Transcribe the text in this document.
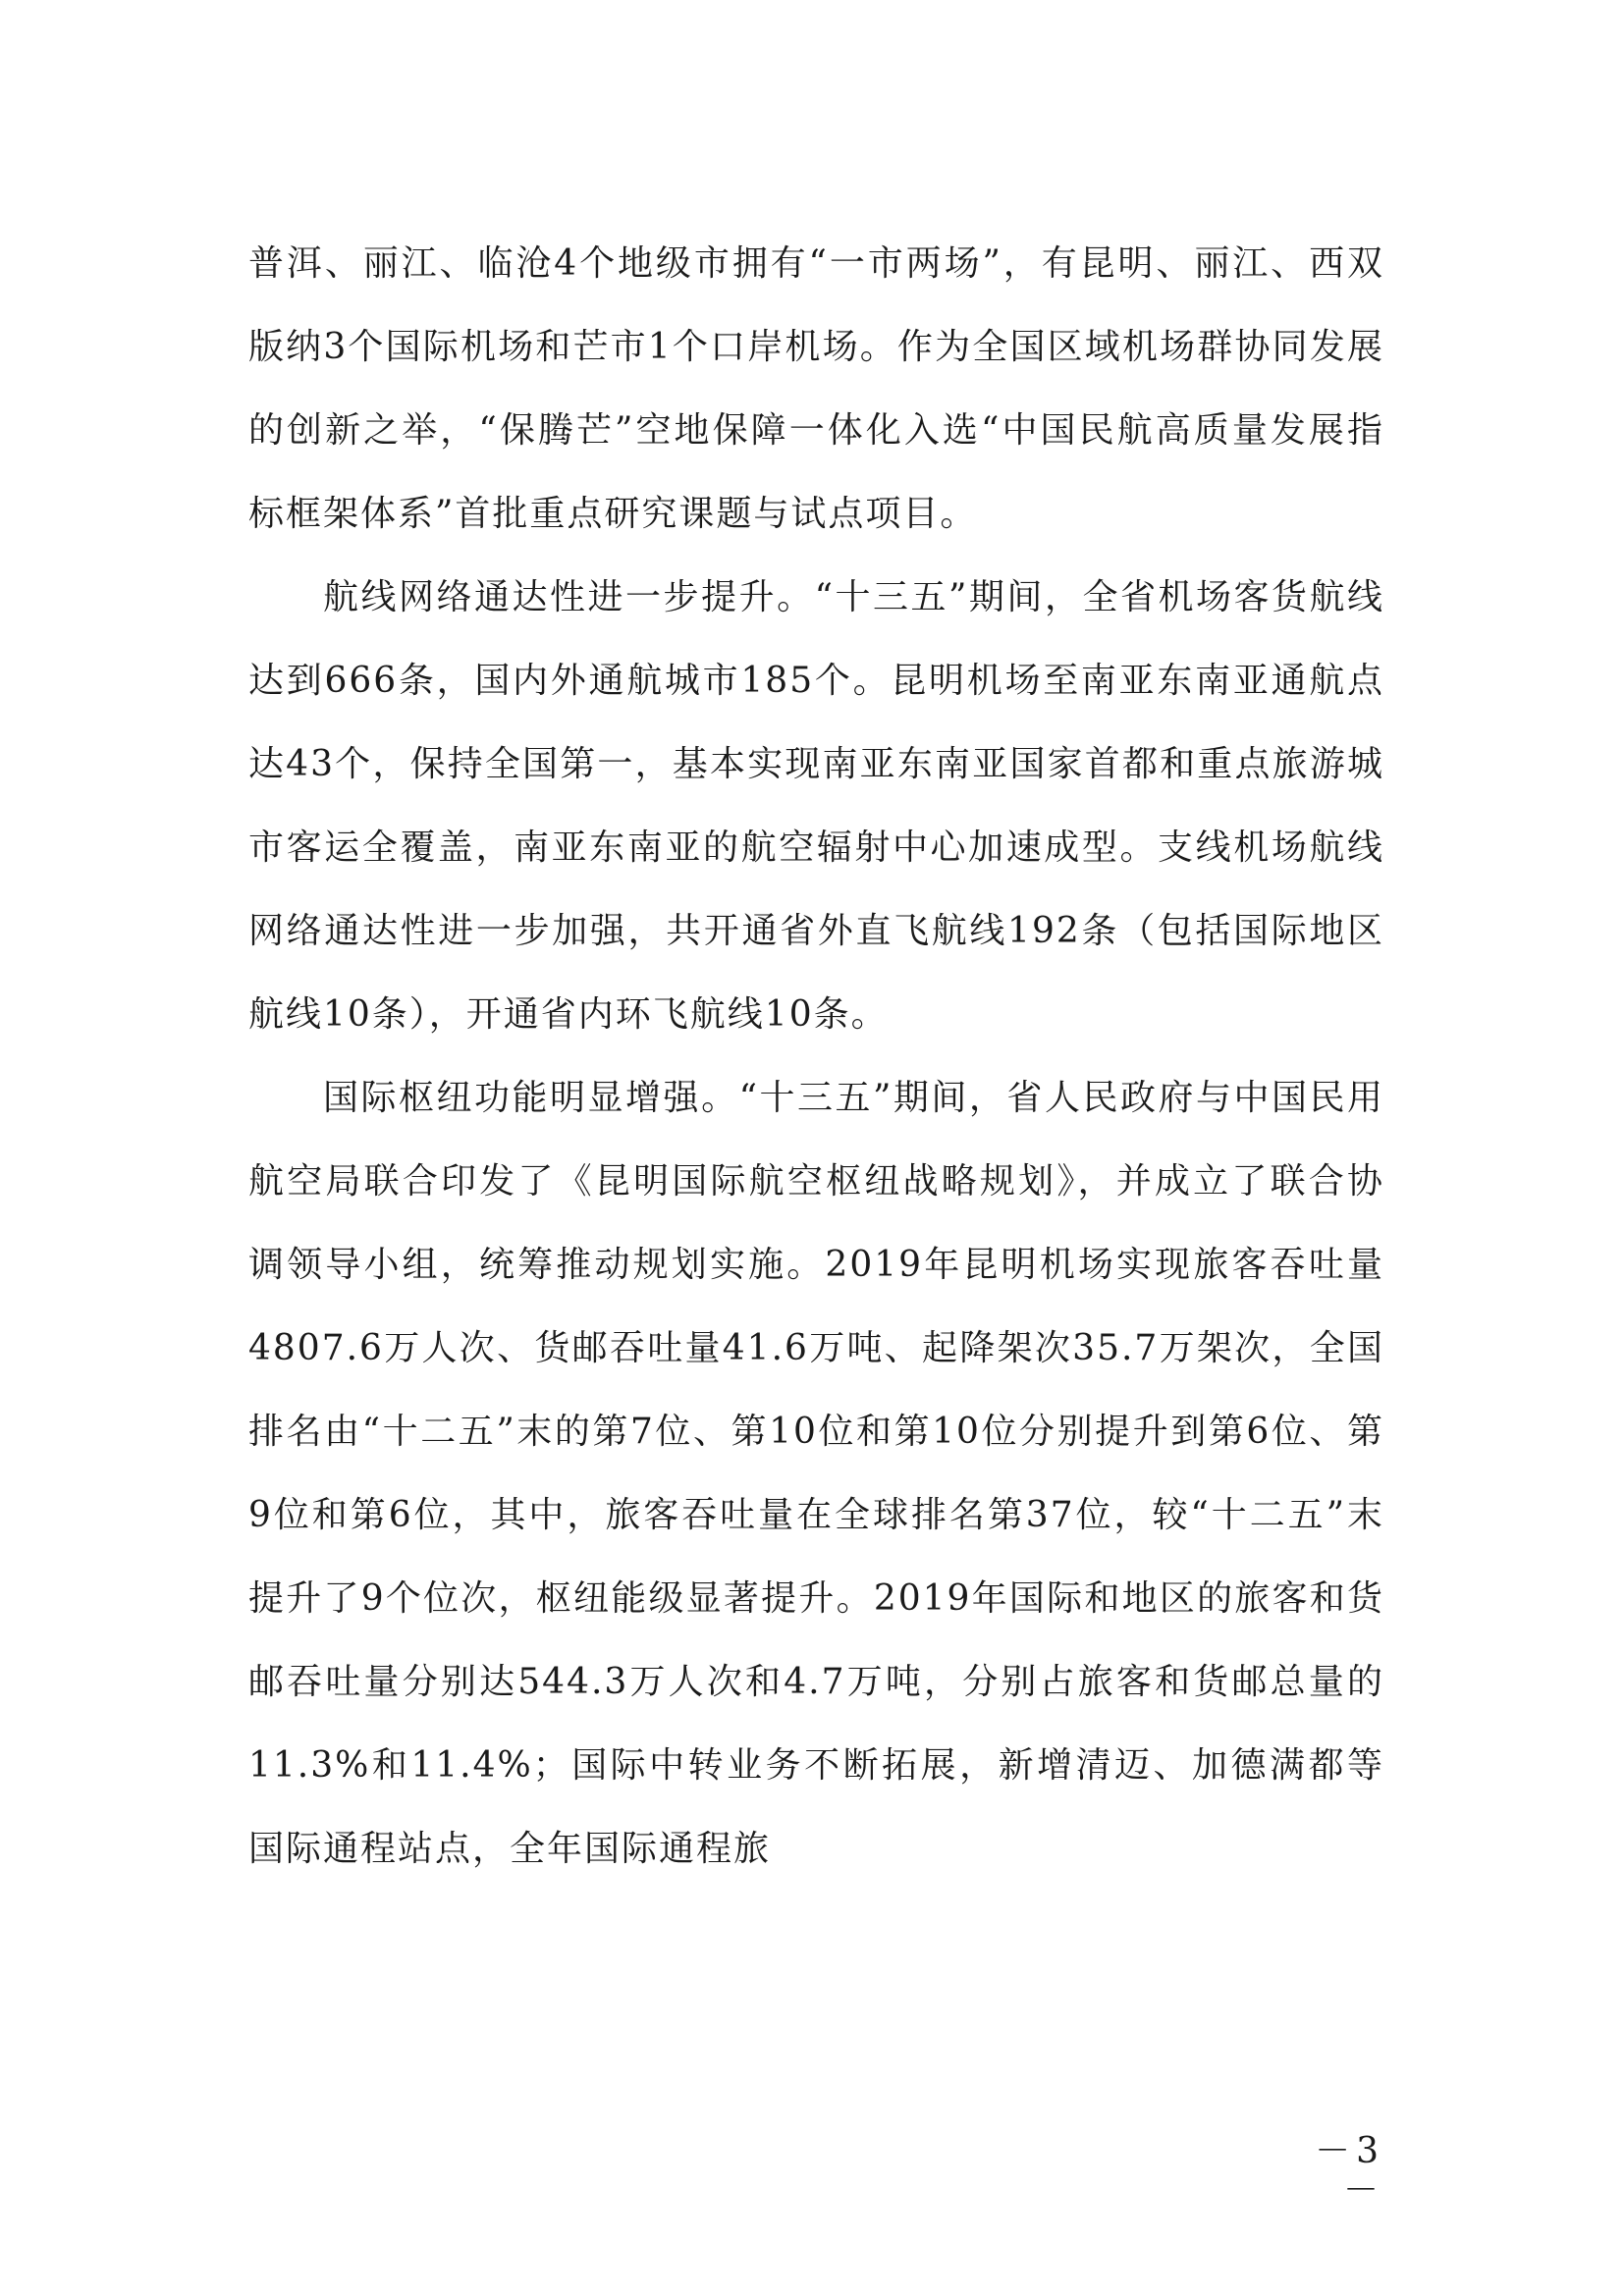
普洱、丽江、临沧4个地级市拥有“一市两场”，有昆明、丽江、西双版纳3个国际机场和芒市1个口岸机场。作为全国区域机场群协同发展的创新之举，“保腾芒”空地保障一体化入选“中国民航高质量发展指标框架体系”首批重点研究课题与试点项目。

航线网络通达性进一步提升。“十三五”期间，全省机场客货航线达到666条，国内外通航城市185个。昆明机场至南亚东南亚通航点达43个，保持全国第一，基本实现南亚东南亚国家首都和重点旅游城市客运全覆盖，南亚东南亚的航空辐射中心加速成型。支线机场航线网络通达性进一步加强，共开通省外直飞航线192条（包括国际地区航线10条），开通省内环飞航线10条。

国际枢纽功能明显增强。“十三五”期间，省人民政府与中国民用航空局联合印发了《昆明国际航空枢纽战略规划》，并成立了联合协调领导小组，统筹推动规划实施。2019年昆明机场实现旅客吞吐量4807.6万人次、货邮吞吐量41.6万吨、起降架次35.7万架次，全国排名由“十二五”末的第7位、第10位和第10位分别提升到第6位、第9位和第6位，其中，旅客吞吐量在全球排名第37位，较“十二五”末提升了9个位次，枢纽能级显著提升。2019年国际和地区的旅客和货邮吞吐量分别达544.3万人次和4.7万吨，分别占旅客和货邮总量的11.3%和11.4%；国际中转业务不断拓展，新增清迈、加德满都等国际通程站点，全年国际通程旅

－3－
